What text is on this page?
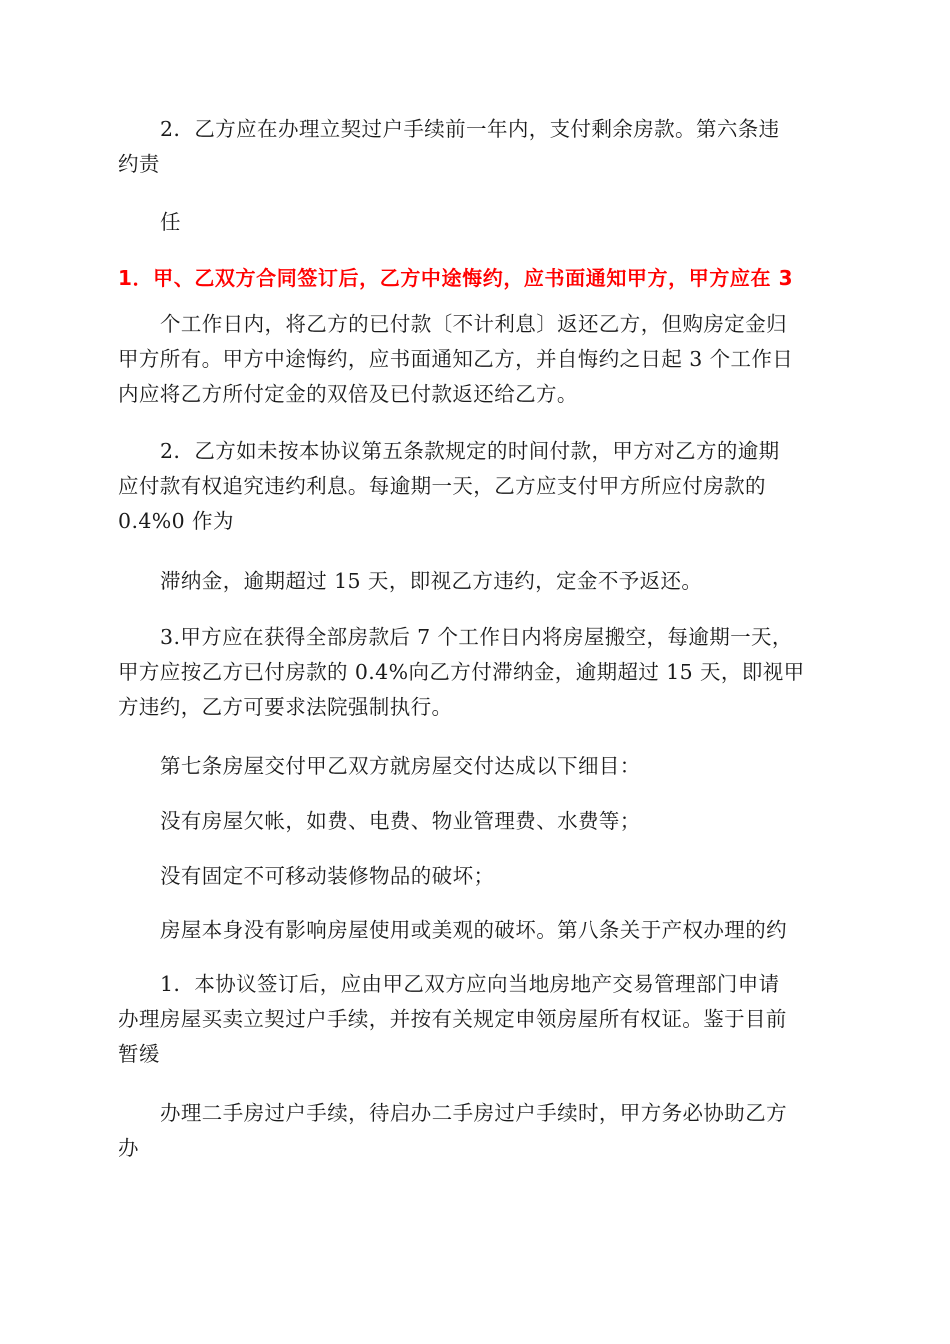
2．乙方应在办理立契过户手续前一年内，支付剩余房款。第六条违
约责

任

1．甲、乙双方合同签订后，乙方中途悔约，应书面通知甲方，甲方应在 3

个工作日内，将乙方的已付款〔不计利息〕返还乙方，但购房定金归
甲方所有。甲方中途悔约，应书面通知乙方，并自悔约之日起 3 个工作日
内应将乙方所付定金的双倍及已付款返还给乙方。

2．乙方如未按本协议第五条款规定的时间付款，甲方对乙方的逾期
应付款有权追究违约利息。每逾期一天，乙方应支付甲方所应付房款的
0.4%0 作为

滞纳金，逾期超过 15 天，即视乙方违约，定金不予返还。

3.甲方应在获得全部房款后 7 个工作日内将房屋搬空，每逾期一天，
甲方应按乙方已付房款的 0.4%向乙方付滞纳金，逾期超过 15 天，即视甲
方违约，乙方可要求法院强制执行。

第七条房屋交付甲乙双方就房屋交付达成以下细目：

没有房屋欠帐，如费、电费、物业管理费、水费等；

没有固定不可移动装修物品的破坏；

房屋本身没有影响房屋使用或美观的破坏。第八条关于产权办理的约

1．本协议签订后，应由甲乙双方应向当地房地产交易管理部门申请
办理房屋买卖立契过户手续，并按有关规定申领房屋所有权证。鉴于目前
暂缓

办理二手房过户手续，待启办二手房过户手续时，甲方务必协助乙方
办
